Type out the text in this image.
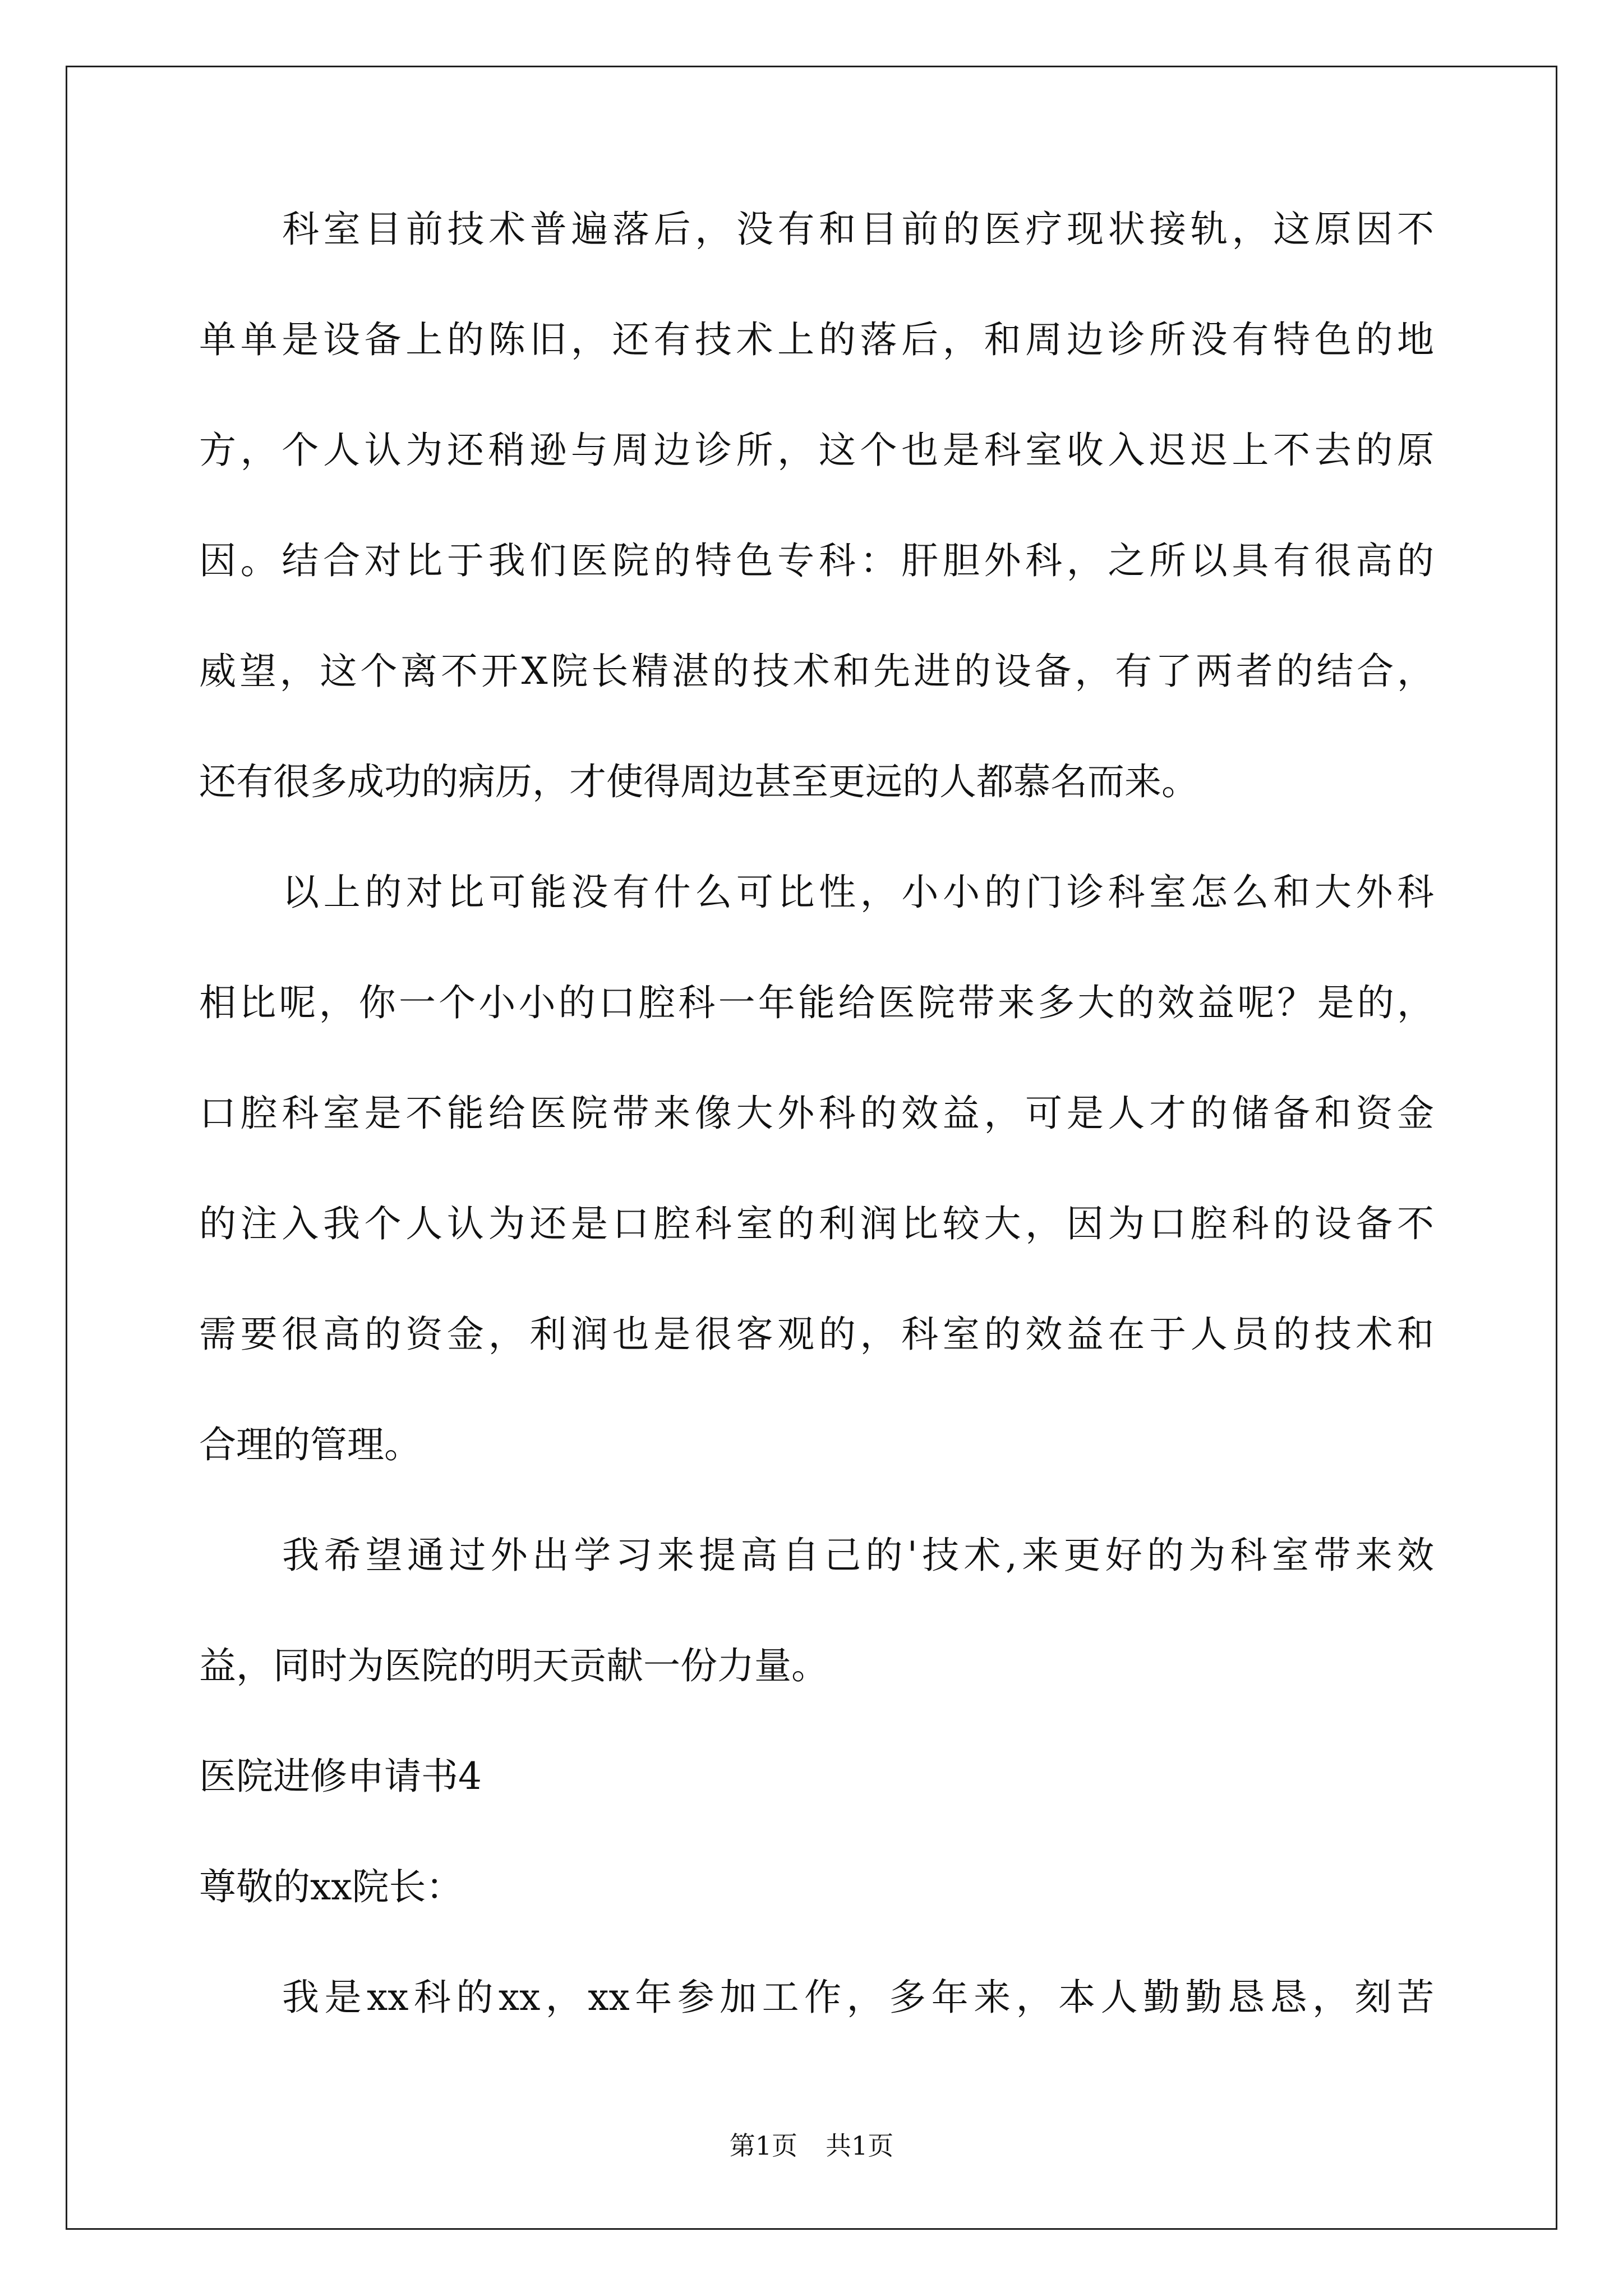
科室目前技术普遍落后，没有和目前的医疗现状接轨，这原因不
单单是设备上的陈旧，还有技术上的落后，和周边诊所没有特色的地
方，个人认为还稍逊与周边诊所，这个也是科室收入迟迟上不去的原
因。结合对比于我们医院的特色专科：肝胆外科，之所以具有很高的
威望，这个离不开X院长精湛的技术和先进的设备，有了两者的结合，
还有很多成功的病历，才使得周边甚至更远的人都慕名而来。
以上的对比可能没有什么可比性，小小的门诊科室怎么和大外科
相比呢，你一个小小的口腔科一年能给医院带来多大的效益呢？是的，
口腔科室是不能给医院带来像大外科的效益，可是人才的储备和资金
的注入我个人认为还是口腔科室的利润比较大，因为口腔科的设备不
需要很高的资金，利润也是很客观的，科室的效益在于人员的技术和
合理的管理。
我希望通过外出学习来提高自己的'技术,来更好的为科室带来效
益，同时为医院的明天贡献一份力量。
医院进修申请书4
尊敬的xx院长：
我是xx科的xx，xx年参加工作，多年来，本人勤勤恳恳，刻苦
第1页 共1页
